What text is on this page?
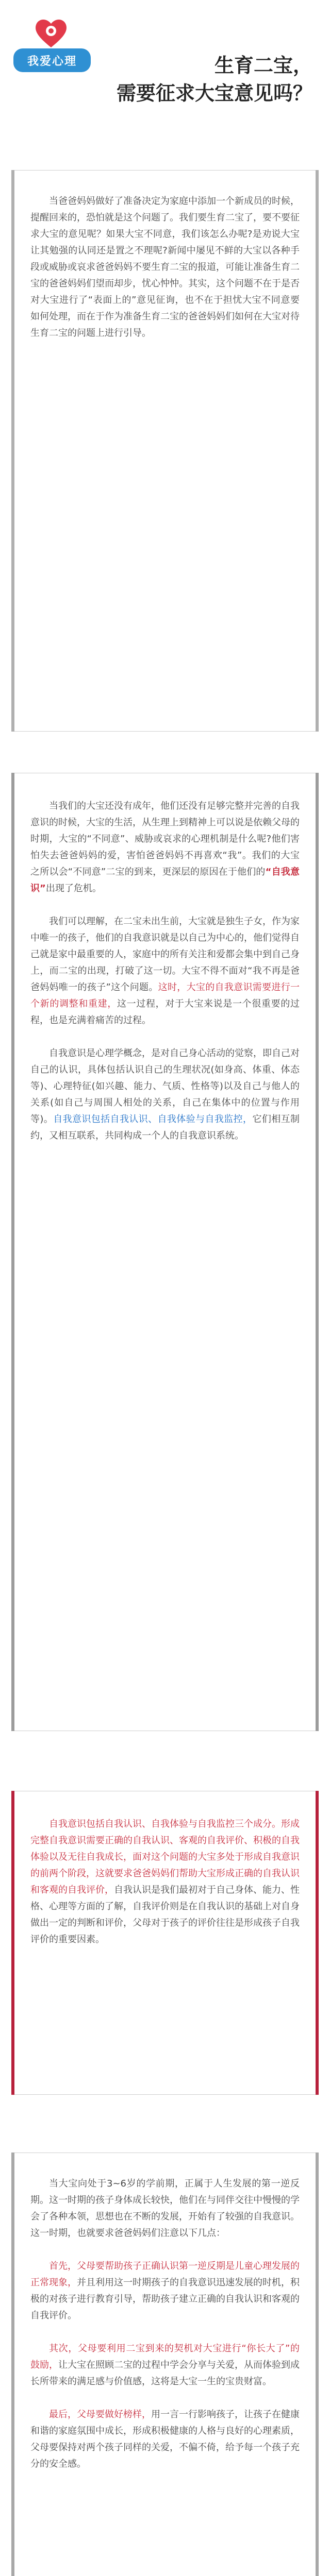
我爱心理	生育二宝，
需要征求大宝意见吗？

当爸爸妈妈做好了准备决定为家庭中添加一个新成员的时候，提醒回来的，恐怕就是这个问题了。我们要生育二宝了，要不要征求大宝的意见呢？如果大宝不同意，我们该怎么办呢?是劝说大宝让其勉强的认同还是置之不理呢?新闻中屡见不鲜的大宝以各种手段或威胁或哀求爸爸妈妈不要生育二宝的报道，可能让准备生育二宝的爸爸妈妈们望而却步，忧心忡忡。其实，这个问题不在于是否对大宝进行了“表面上的”意见征询，也不在于担忧大宝不同意要如何处理，而在于作为准备生育二宝的爸爸妈妈们如何在大宝对待生育二宝的问题上进行引导。

当我们的大宝还没有成年，他们还没有足够完整并完善的自我意识的时候，大宝的生活，从生理上到精神上可以说是依赖父母的时期，大宝的“不同意”、威胁或哀求的心理机制是什么呢?他们害怕失去爸爸妈妈的爱，害怕爸爸妈妈不再喜欢“我”。我们的大宝之所以会“不同意”二宝的到来，更深层的原因在于他们的“自我意识”出现了危机。

我们可以理解，在二宝未出生前，大宝就是独生子女，作为家中唯一的孩子，他们的自我意识就是以自己为中心的，他们觉得自己就是家中最重要的人，家庭中的所有关注和爱都会集中到自己身上，而二宝的出现，打破了这一切。大宝不得不面对“我不再是爸爸妈妈唯一的孩子”这个问题。这时，大宝的自我意识需要进行一个新的调整和重建，这一过程，对于大宝来说是一个很重要的过程，也是充满着痛苦的过程。

自我意识是心理学概念，是对自己身心活动的觉察，即自己对自己的认识，具体包括认识自己的生理状况(如身高、体重、体态等)、心理特征(如兴趣、能力、气质、性格等)以及自己与他人的关系(如自己与周围人相处的关系，自己在集体中的位置与作用等)。自我意识包括自我认识、自我体验与自我监控，它们相互制约，又相互联系，共同构成一个人的自我意识系统。

自我意识包括自我认识、自我体验与自我监控三个成分。形成完整自我意识需要正确的自我认识、客观的自我评价、积极的自我体验以及无往自我成长，面对这个问题的大宝多处于形成自我意识的前两个阶段，这就要求爸爸妈妈们帮助大宝形成正确的自我认识和客观的自我评价，自我认识是我们最初对于自己身体、能力、性格、心理等方面的了解，自我评价则是在自我认识的基础上对自身做出一定的判断和评价，父母对于孩子的评价往往是形成孩子自我评价的重要因素。

当大宝向处于3~6岁的学前期，正属于人生发展的第一逆反期。这一时期的孩子身体成长较快，他们在与同伴交往中慢慢的学会了各种本领，思想也在不断的发展，开始有了较强的自我意识。这一时期，也就要求爸爸妈妈们注意以下几点：

首先，父母要帮助孩子正确认识第一逆反期是儿童心理发展的正常现象，并且利用这一时期孩子的自我意识迅速发展的时机，积极的对孩子进行教育引导，帮助孩子建立正确的自我认识和客观的自我评价。

其次，父母要利用二宝到来的契机对大宝进行“你长大了”的鼓励，让大宝在照顾二宝的过程中学会分享与关爱，从而体验到成长所带来的满足感与价值感，这将是大宝一生的宝贵财富。

最后，父母要做好榜样，用一言一行影响孩子，让孩子在健康和谐的家庭氛围中成长，形成积极健康的人格与良好的心理素质，父母要保持对两个孩子同样的关爱，不偏不倚，给予每一个孩子充分的安全感。
